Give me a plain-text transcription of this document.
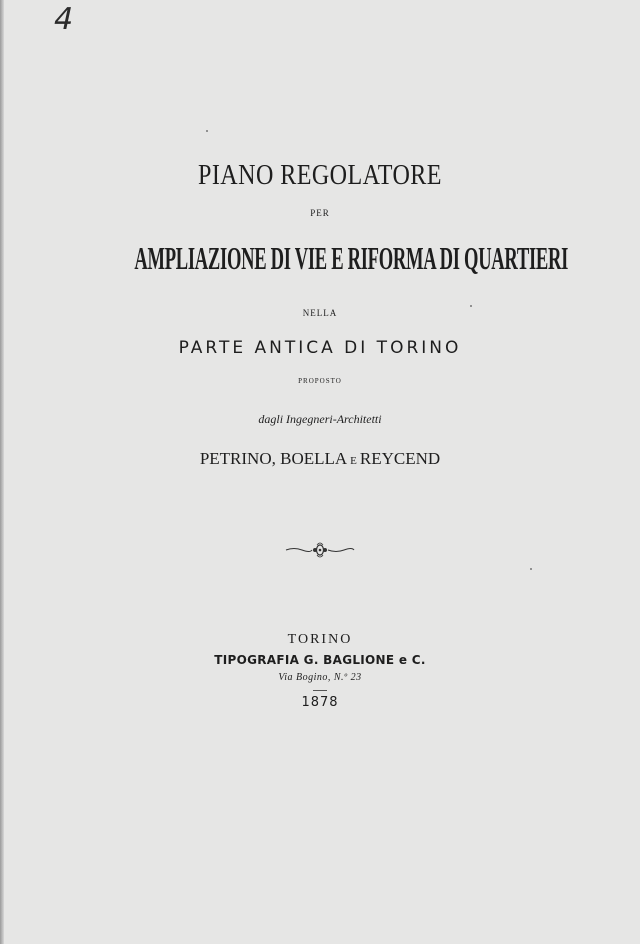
4
PIANO REGOLATORE
PER
AMPLIAZIONE DI VIE E RIFORMA DI QUARTIERI
NELLA
PARTE ANTICA DI TORINO
PROPOSTO
dagli Ingegneri-Architetti
PETRINO, BOELLA E REYCEND
TORINO
TIPOGRAFIA G. BAGLIONE e C.
Via Bogino, N.º 23
1878
